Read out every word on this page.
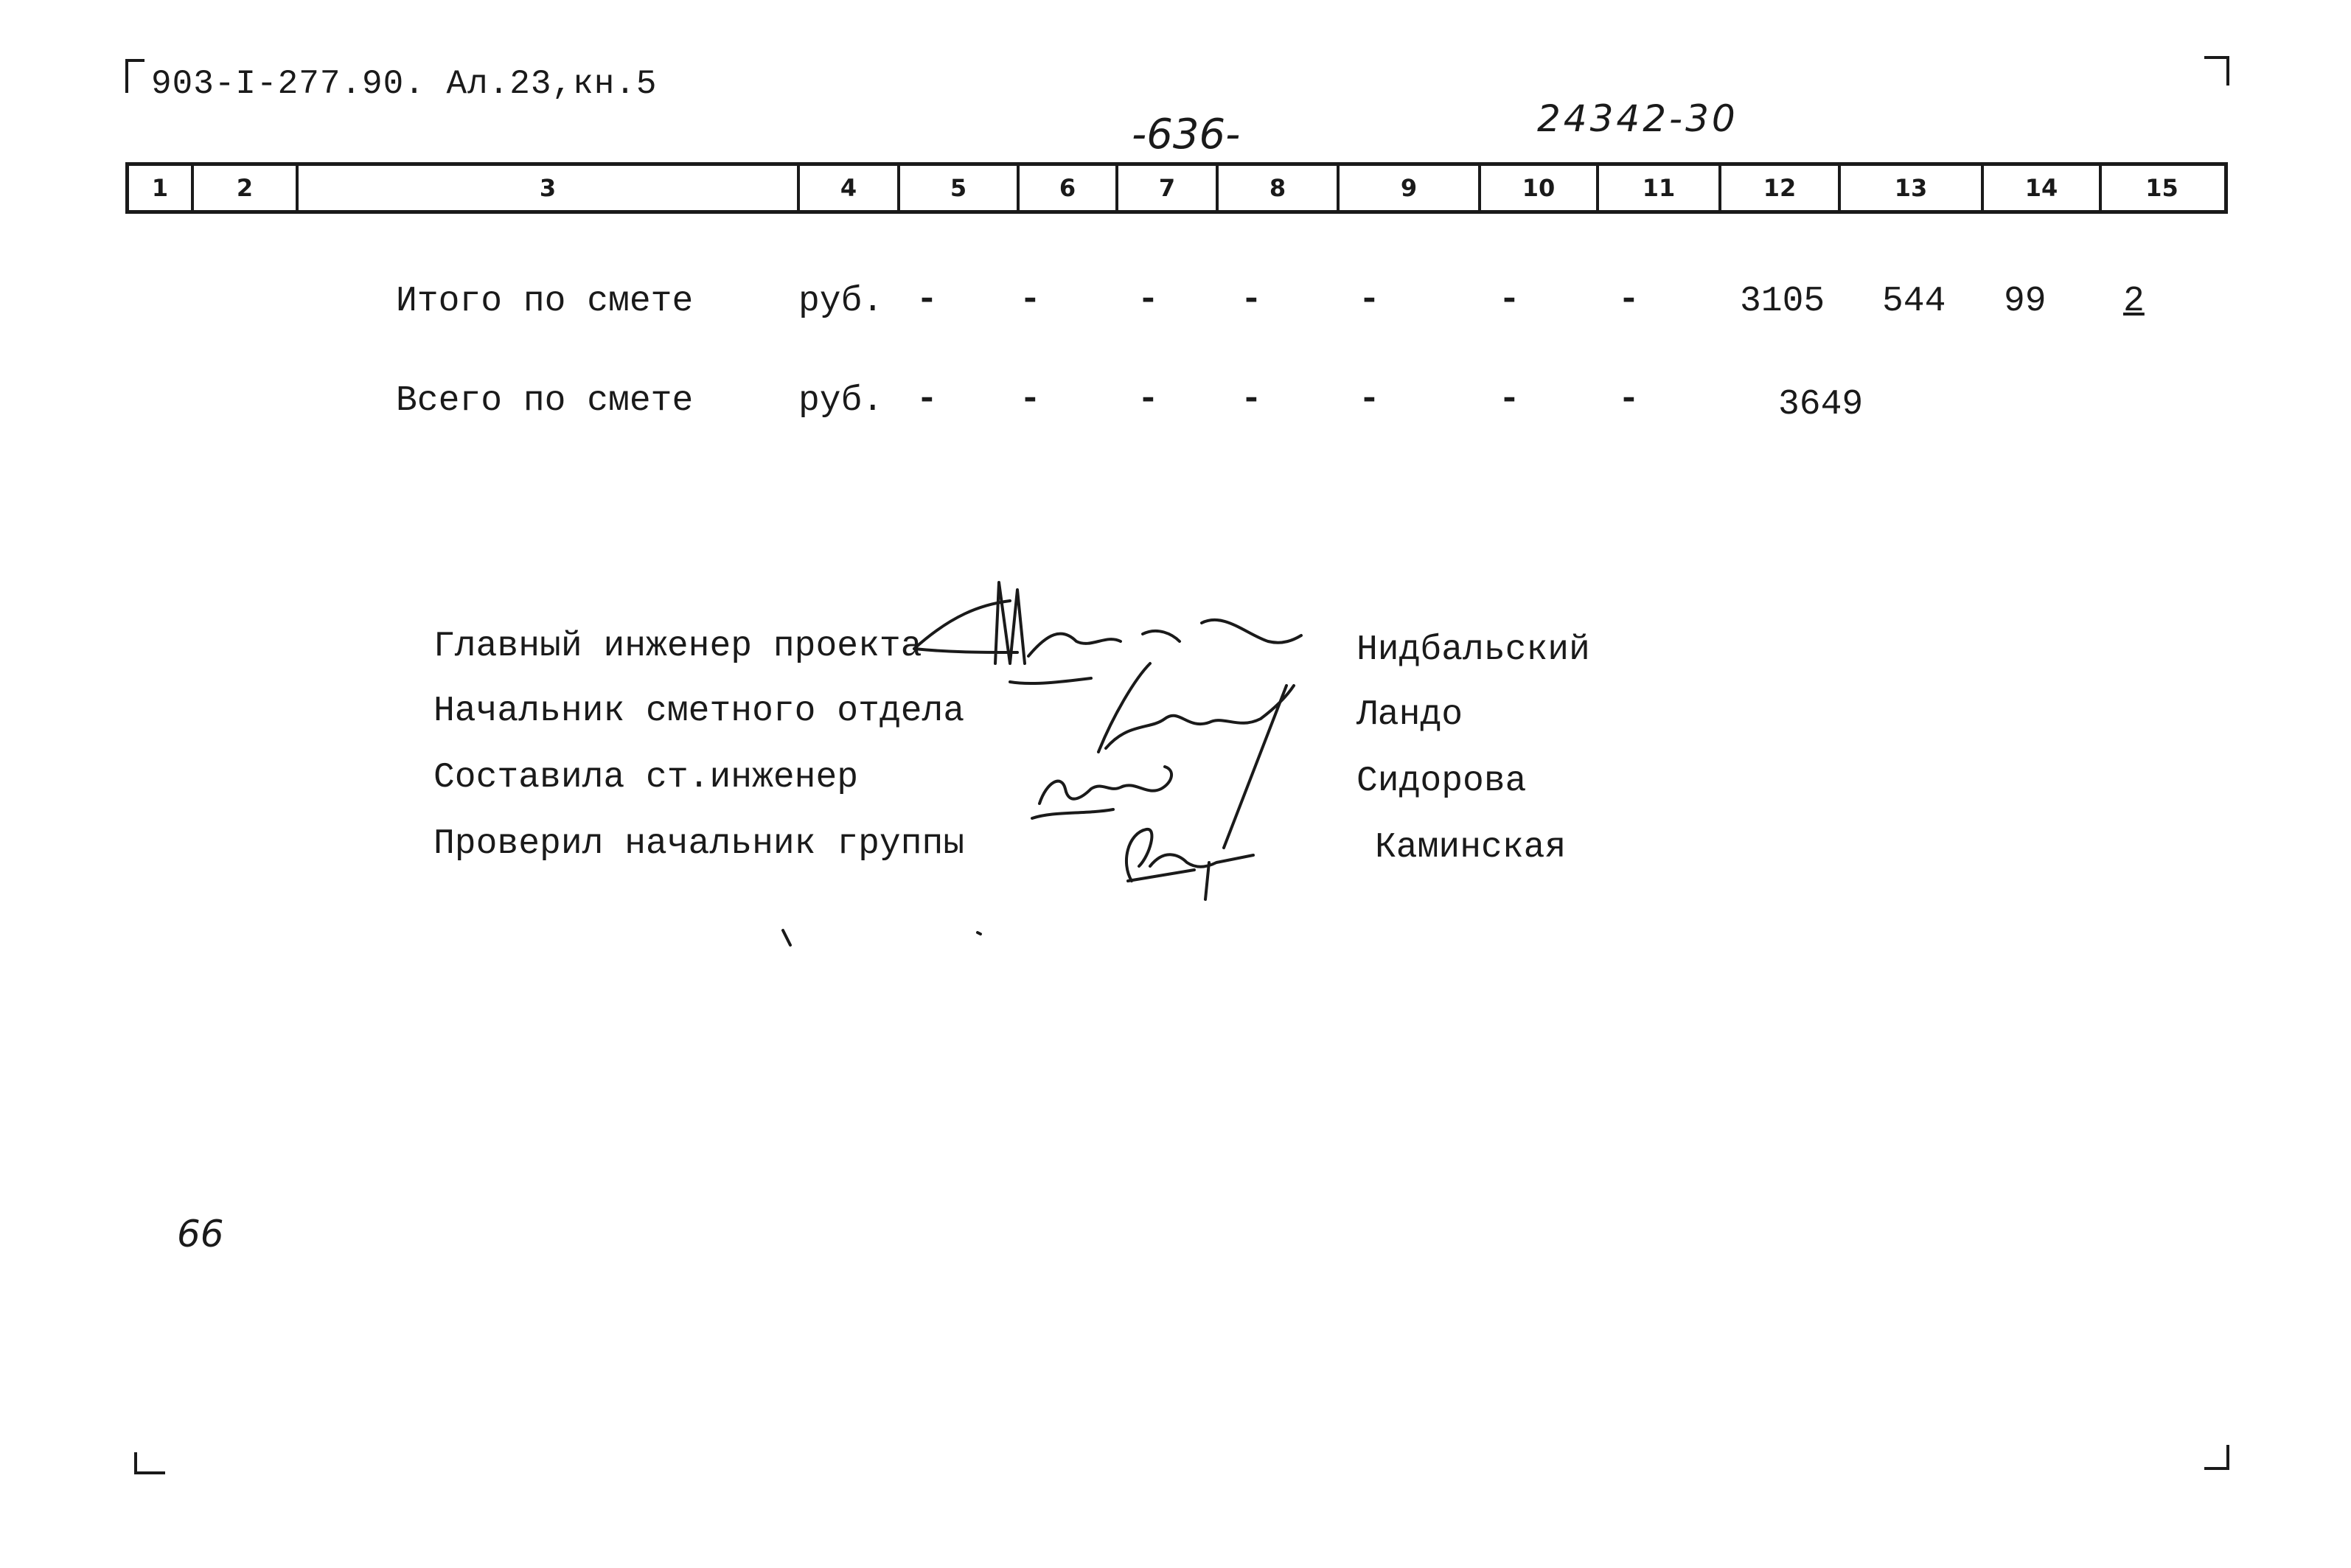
903-I-277.90. Ал.23,кн.5
-636-	24342-30
1	2	3	4	5	6	7	8	9	10	11	12	13	14	15
Итого по смете	руб. - -	- -	-	-	-	3105 544 99 2
Всего по смете	руб. - -	- -	-	-	-	3649
Главный инженер проекта
Начальник сметного отдела
Составила ст.инженер
Проверил начальник группы
Нидбальский
Ландо
Сидорова
Каминская
66
